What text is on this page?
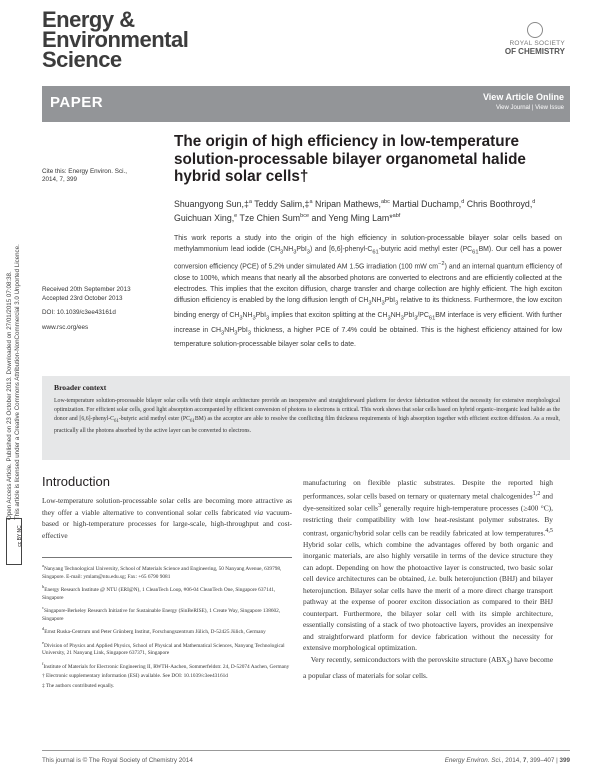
Energy &
Environmental
Science
ROYAL SOCIETY
OF CHEMISTRY
PAPER	View Article Online
View Journal | View Issue
Open Access Article. Published on 23 October 2013. Downloaded on 27/01/2015 07:08:38. This article is licensed under a Creative Commons Attribution-NonCommercial 3.0 Unported Licence.
cc BY NC
Cite this: Energy Environ. Sci., 2014, 7, 399
The origin of high efficiency in low-temperature solution-processable bilayer organometal halide hybrid solar cells†
Shuangyong Sun,‡$^a$ Teddy Salim,‡$^a$ Nripan Mathews,$^{abc}$ Martial Duchamp,$^d$ Chris Boothroyd,$^d$ Guichuan Xing,$^e$ Tze Chien Sum$^{bce}$ and Yeng Ming Lam*$^{abf}$
This work reports a study into the origin of the high efficiency in solution-processable bilayer solar cells based on methylammonium lead iodide $(CH_3NH_3PbI_3)$ and $[6,6]-phenyl-C_{61}$-butyric acid methyl ester $(PC_{61}BM)$. Our cell has a power conversion efficiency (PCE) of 5.2% under simulated AM 1.5G irradiation (100 mW $cm^{-2}$) and an internal quantum efficiency of close to 100%, which means that nearly all the absorbed photons are converted to electrons and are efficiently collected at the electrodes. This implies that the exciton diffusion, charge transfer and charge collection are highly efficient. The high exciton diffusion efficiency is enabled by the long diffusion length of $CH_3NH_3PbI_3$ relative to its thickness. Furthermore, the low exciton binding energy of $CH_3NH_3PbI_3$ implies that exciton splitting at the $CH_3NH_3PbI_3/PC_{61}BM$ interface is very efficient. With further increase in $CH_3NH_3PbI_3$ thickness, a higher PCE of 7.4% could be obtained. This is the highest efficiency attained for low temperature solution-processable bilayer solar cells to date.
Received 20th September 2013
Accepted 23rd October 2013
DOI: 10.1039/c3ee43161d
www.rsc.org/ees
Broader context
Low-temperature solution-processable bilayer solar cells with their simple architecture provide an inexpensive and straightforward platform for device fabrication without the necessity for extensive morphological optimization. For efficient solar cells, good light absorption accompanied by efficient conversion of photons to electrons is critical. This work shows that solar cells based on hybrid organic–inorganic lead halide as the donor and $[6,6]-phenyl-C_{61}$-butyric acid methyl ester $(PC_{61}BM)$ as the acceptor are able to resolve the conflicting film thickness requirements of high absorption together with efficient exciton diffusion. As a result, practically all the photons absorbed by the active layer can be converted to electrons.
Introduction
Low-temperature solution-processable solar cells are becoming more attractive as they offer a viable alternative to conventional solar cells fabricated via vacuum-based or high-temperature processes for large-scale, high-throughput and cost-effective
manufacturing on flexible plastic substrates. Despite the reported high performances, solar cells based on ternary or quaternary metal chalcogenides$^{1,2}$ and dye-sensitized solar cells$^3$ generally require high-temperature processes (≥400 °C), restricting their compatibility with low heat-resistant polymer substrates. By contrast, organic/hybrid solar cells can be readily fabricated at low temperatures.$^{4,5}$ Hybrid solar cells, which combine the advantages offered by both organic and inorganic materials, are also highly versatile in terms of the device structure they can adopt. Depending on how the photoactive layer is constructed, two basic solar cell device architectures can be obtained, i.e. bulk heterojunction (BHJ) and bilayer heterojunction. Bilayer solar cells have the merit of a more direct charge transport pathway at the expense of poorer exciton dissociation as compared to their BHJ counterpart. Furthermore, the bilayer solar cell with its simple architecture, essentially consisting of a stack of two photoactive layers, provides an inexpensive and straightforward platform for device fabrication without the necessity for extensive morphological optimization.
Very recently, semiconductors with the perovskite structure $(ABX_3)$ have become a popular class of materials for solar cells.

$^a$Nanyang Technological University, School of Materials Science and Engineering, 50 Nanyang Avenue, 639798, Singapore. E-mail: ymlam@ntu.edu.sg; Fax: +65 6790 9081

$^b$Energy Research Institute @ NTU (ERI@N), 1 CleanTech Loop, #06-04 CleanTech One, Singapore 637141, Singapore

$^c$Singapore-Berkeley Research Initiative for Sustainable Energy (SinBeRISE), 1 Create Way, Singapore 138602, Singapore

$^d$Ernst Ruska-Centrum und Peter Grünberg Institut, Forschungszentrum Jülich, D-52425 Jülich, Germany

$^e$Division of Physics and Applied Physics, School of Physical and Mathematical Sciences, Nanyang Technological University, 21 Nanyang Link, Singapore 637371, Singapore

$^f$Institute of Materials for Electronic Engineering II, RWTH-Aachen, Sommerfeldstr. 24, D-52074 Aachen, Germany

† Electronic supplementary information (ESI) available. See DOI: 10.1039/c3ee43161d

‡ The authors contributed equally.

This journal is © The Royal Society of Chemistry 2014	Energy Environ. Sci., 2014, 7, 399–407 | 399
